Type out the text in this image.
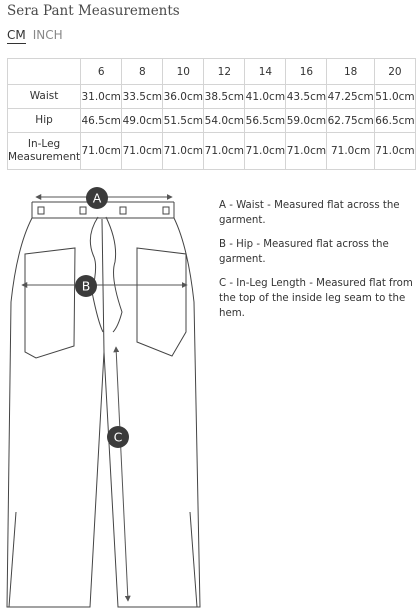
Sera Pant Measurements
CM INCH
	6	8	10	12	14	16	18	20
Waist	31.0cm	33.5cm	36.0cm	38.5cm	41.0cm	43.5cm	47.25cm	51.0cm
Hip	46.5cm	49.0cm	51.5cm	54.0cm	56.5cm	59.0cm	62.75cm	66.5cm
In-Leg Measurement	71.0cm	71.0cm	71.0cm	71.0cm	71.0cm	71.0cm	71.0cm	71.0cm
A
B
C

A - Waist - Measured flat across the garment.

B - Hip - Measured flat across the garment.

C - In-Leg Length - Measured flat from the top of the inside leg seam to the hem.
